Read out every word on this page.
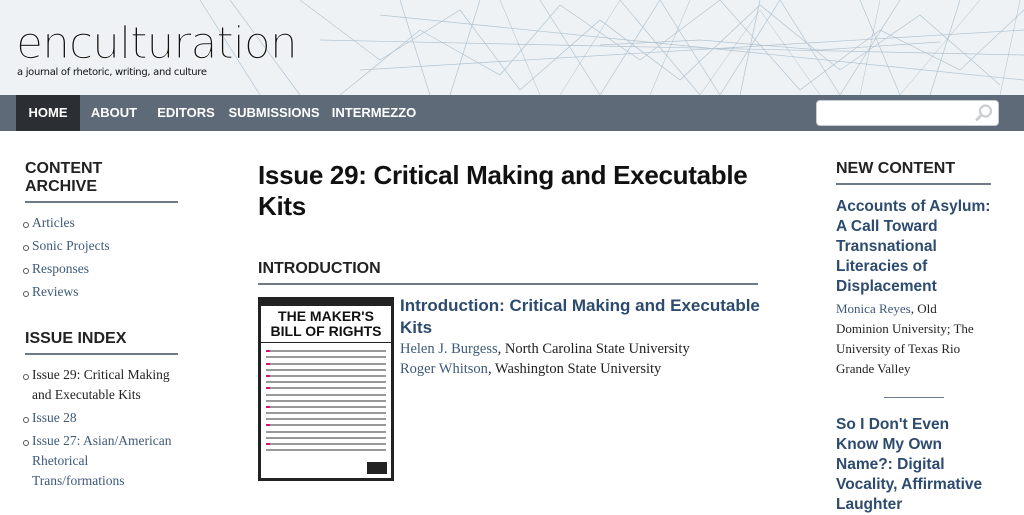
enculturation
a journal of rhetoric, writing, and culture
HOME	ABOUT	EDITORS	SUBMISSIONS INTERMEZZO
CONTENT ARCHIVE
Articles
Sonic Projects
Responses
Reviews
ISSUE INDEX
Issue 29: Critical Making and Executable Kits
Issue 28
Issue 27: Asian/American Rhetorical Trans/formations
Issue 29: Critical Making and Executable Kits
INTRODUCTION
THE MAKER'S BILL OF RIGHTS
Introduction: Critical Making and Executable Kits
Helen J. Burgess, North Carolina State University
Roger Whitson, Washington State University
NEW CONTENT
Accounts of Asylum: A Call Toward Transnational Literacies of Displacement
Monica Reyes, Old Dominion University; The University of Texas Rio Grande Valley
So I Don't Even Know My Own Name?: Digital Vocality, Affirmative Laughter
